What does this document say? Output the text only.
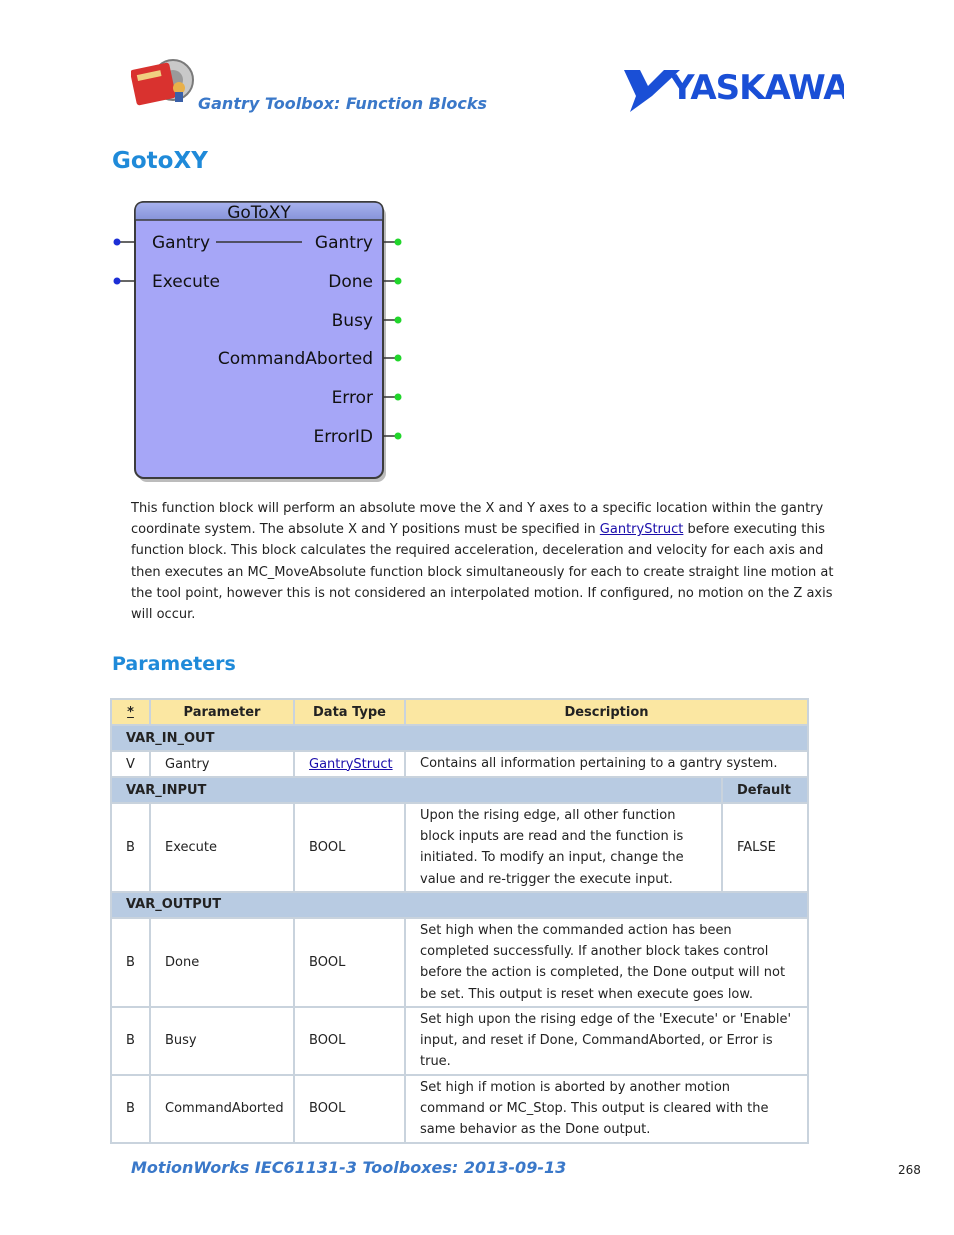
Gantry Toolbox: Function Blocks	YASKAWA
GotoXY
GoToXY
Gantry
Execute
Gantry
Done
Busy
CommandAborted
Error
ErrorID
This function block will perform an absolute move the X and Y axes to a specific location within the gantry coordinate system. The absolute X and Y positions must be specified in GantryStruct before executing this function block. This block calculates the required acceleration, deceleration and velocity for each axis and then executes an MC_MoveAbsolute function block simultaneously for each to create straight line motion at the tool point, however this is not considered an interpolated motion. If configured, no motion on the Z axis will occur.
Parameters
*	Parameter	Data Type	Description	
VAR_IN_OUT				
V	Gantry	GantryStruct	Contains all information pertaining to a gantry system.	
VAR_INPUT				Default
B	Execute	BOOL	Upon the rising edge, all other function block inputs are read and the function is initiated. To modify an input, change the value and re-trigger the execute input.	FALSE
VAR_OUTPUT				
B	Done	BOOL	Set high when the commanded action has been completed successfully. If another block takes control before the action is completed, the Done output will not be set. This output is reset when execute goes low.	
B	Busy	BOOL	Set high upon the rising edge of the 'Execute' or 'Enable' input, and reset if Done, CommandAborted, or Error is true.	
B	CommandAborted	BOOL	Set high if motion is aborted by another motion command or MC_Stop. This output is cleared with the same behavior as the Done output.	
MotionWorks IEC61131-3 Toolboxes: 2013-09-13	268
